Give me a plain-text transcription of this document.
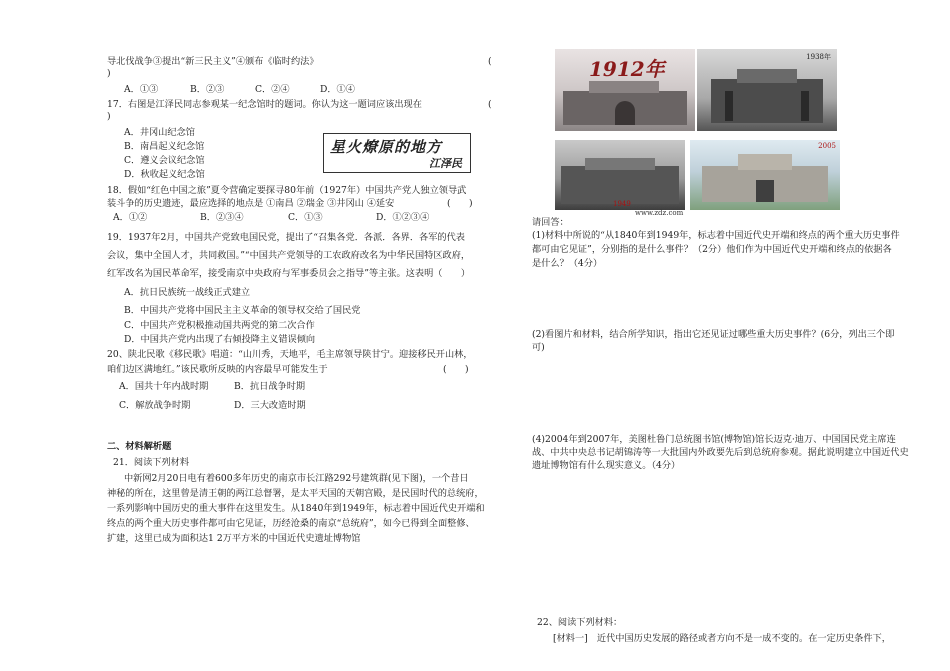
导北伐战争③提出“新三民主义”④颁布《临时约法》	(
)
A．①③	B．②③	C．②④	D．①④
17．右图是江泽民同志参观某一纪念馆时的题词。你认为这一题词应该出现在	(
)
A．井冈山纪念馆
B．南昌起义纪念馆
C．遵义会议纪念馆
D．秋收起义纪念馆
星火燎原的地方
江泽民
18．假如“红色中国之旅”夏令营确定要探寻80年前（1927年）中国共产党人独立领导武
装斗争的历史遗迹，最应选择的地点是 ①南昌 ②瑞金 ③井冈山 ④延安	(　　)
A．①②	B．②③④	C．①③	D．①②③④
19．1937年2月，中国共产党致电国民党，提出了“召集各党．各派．各界．各军的代表
会议，集中全国人才，共同救国。”“中国共产党领导的工农政府改名为中华民国特区政府，
红军改名为国民革命军，接受南京中央政府与军事委员会之指导”等主张。这表明（　　）
A．抗日民族统一战线正式建立
B．中国共产党将中国民主主义革命的领导权交给了国民党
C．中国共产党积极推动国共两党的第二次合作
D．中国共产党内出现了右倾投降主义错误倾向
20、陕北民歌《移民歌》唱道：“山川秀，天地平，毛主席领导陕甘宁。迎接移民开山林，
咱们边区满地红。”该民歌所反映的内容最早可能发生于	(　　)
A．国共十年内战时期	B．抗日战争时期
C．解放战争时期	D．三大改造时期
二、材料解析题
21．阅读下列材料
中新网2月20日电有着600多年历史的南京市长江路292号建筑群(见下图)，一个昔日
神秘的所在，这里曾是清王朝的两江总督署，是太平天国的天朝宫殿，是民国时代的总统府，
一系列影响中国历史的重大事件在这里发生。从1840年到1949年，标志着中国近代史开端和
终点的两个重大历史事件都可由它见证，历经沧桑的南京“总统府”，如今已得到全面整修、
扩建，这里已成为面积达1 2万平方米的中国近代史遗址博物馆
1912年	1938年
1949
2005
www.zdz.com
请回答：
(1)材料中所说的“从1840年到1949年，标志着中国近代史开端和终点的两个重大历史事件
都可由它见证”，分别指的是什么事件？（2分）他们作为中国近代史开端和终点的依据各
是什么？（4分）
(2)看图片和材料，结合所学知识，指出它还见证过哪些重大历史事件？(6分，列出三个即
可)
(4)2004年到2007年，美图杜鲁门总统图书馆(博物馆)馆长迈克·迪万、中国国民党主席连
战、中共中央总书记胡锦涛等一大批国内外政要先后到总统府参观。据此说明建立中国近代史
遗址博物馆有什么现实意义。（4分）
22、阅读下列材料：
[材料一]　近代中国历史发展的路径或者方向不是一成不变的。在一定历史条件下，
